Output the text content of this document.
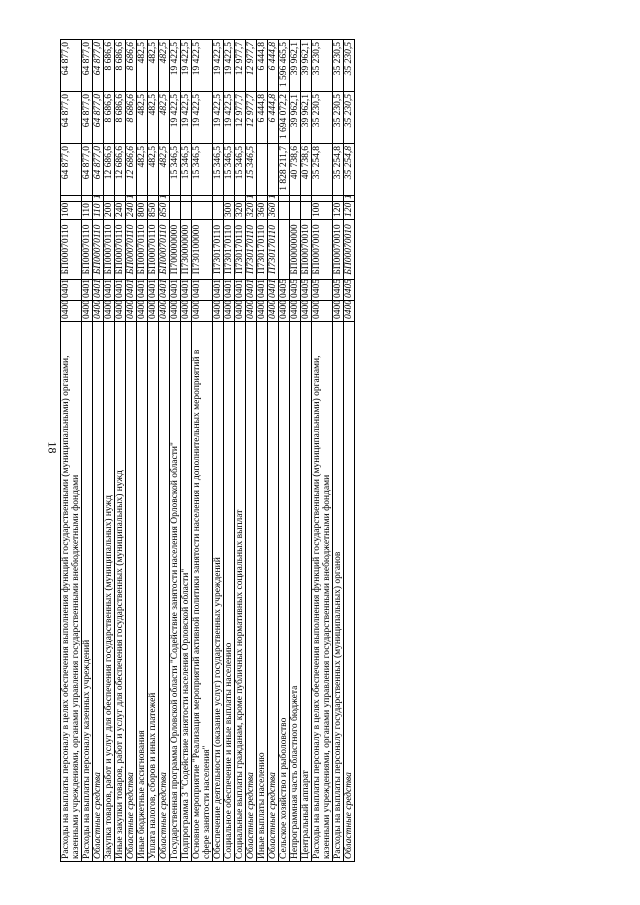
18 Расходы на выплаты персоналу в целях обеспечения выполнения функций государственными (муниципальными) органами, казенными учреждениями, органами управления государственными внебюджетными фондами	0400	0401	БП00070110	100		64 877,0	64 877,0	64 877,0
Расходы на выплаты персоналу казенных учреждений	0400	0401	БП00070110	110		64 877,0	64 877,0	64 877,0
Областные средства	0400	0401	БП00070110	110	1	64 877,0	64 877,0	64 877,0
Закупка товаров, работ и услуг для обеспечения государственных (муниципальных) нужд	0400	0401	БП00070110	200		12 686,6	8 686,6	8 686,6
Иные закупки товаров, работ и услуг для обеспечения государственных (муниципальных) нужд	0400	0401	БП00070110	240		12 686,6	8 686,6	8 686,6
Областные средства	0400	0401	БП00070110	240	1	12 686,6	8 686,6	8 686,6
Иные бюджетные ассигнования	0400	0401	БП00070110	800		482,5	482,5	482,5
Уплата налогов, сборов и иных платежей	0400	0401	БП00070110	850		482,5	482,5	482,5
Областные средства	0400	0401	БП00070110	850	1	482,5	482,5	482,5
Государственная программа Орловской области "Содействие занятости населения Орловской области"	0400	0401	П700000000			15 346,5	19 422,5	19 422,5
Подпрограмма 3 "Содействие занятости населения Орловской области"	0400	0401	П730000000			15 346,5	19 422,5	19 422,5
Основное мероприятие "Реализация мероприятий активной политики занятости населения и дополнительных мероприятий в сфере занятости населения"	0400	0401	П730100000			15 346,5	19 422,5	19 422,5
Обеспечение деятельности (оказание услуг) государственных учреждений	0400	0401	П730170110			15 346,5	19 422,5	19 422,5
Социальное обеспечение и иные выплаты населению	0400	0401	П730170110	300		15 346,5	19 422,5	19 422,5
Социальные выплаты гражданам, кроме публичных нормативных социальных выплат	0400	0401	П730170110	320		15 346,5	12 977,7	12 977,7
Областные средства	0400	0401	П730170110	320	1	15 346,5	12 977,7	12 977,7
Иные выплаты населению	0400	0401	П730170110	360			6 444,8	6 444,8
Областные средства	0400	0401	П730170110	360	1		6 444,8	6 444,8
Сельское хозяйство и рыболовство	0400	0405				1 828 211,7	1 694 072,2	1 596 465,5
Непрограммная часть областного бюджета	0400	0405	БП00000000			40 738,6	39 962,1	39 962,1
Центральный аппарат	0400	0405	БП00070010			40 738,6	39 962,1	39 962,1
Расходы на выплаты персоналу в целях обеспечения выполнения функций государственными (муниципальными) органами, казенными учреждениями, органами управления государственными внебюджетными фондами	0400	0405	БП00070010	100		35 254,8	35 230,5	35 230,5
Расходы на выплаты персоналу государственных (муниципальных) органов	0400	0405	БП00070010	120		35 254,8	35 230,5	35 230,5
Областные средства	0400	0405	БП00070010	120	1	35 254,8	35 230,5	35 230,5
